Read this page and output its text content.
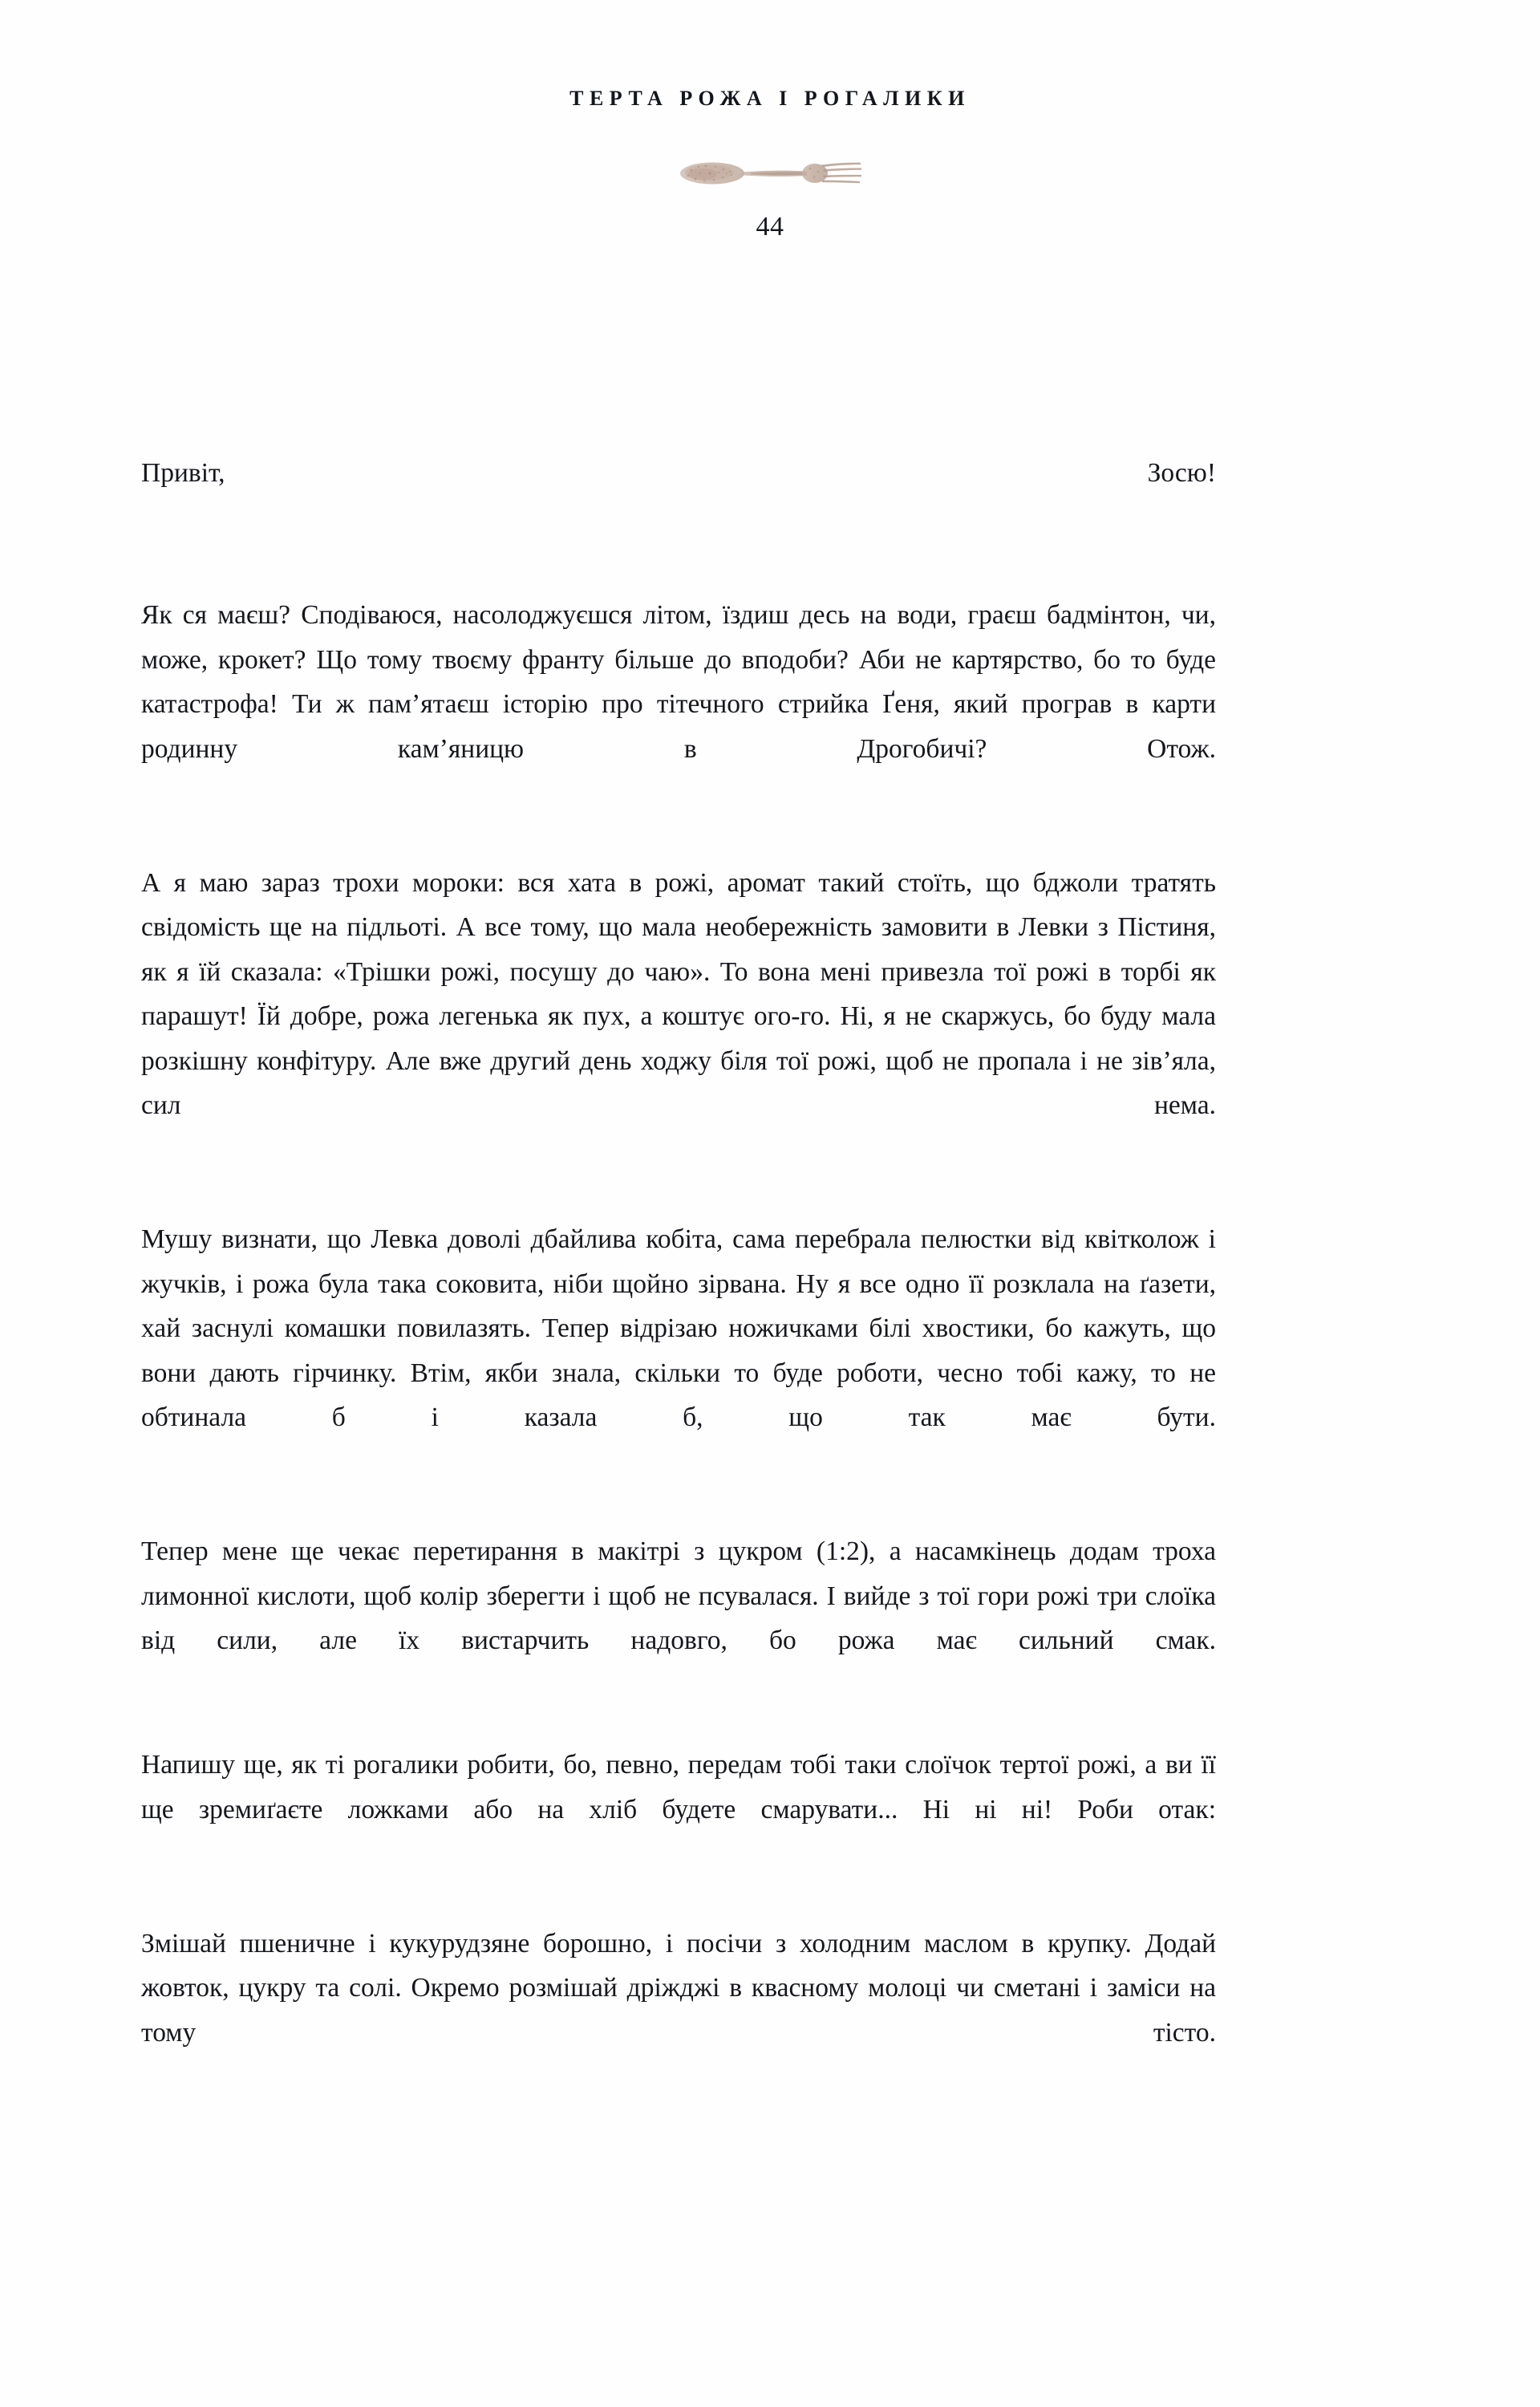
ТЕРТА РОЖА І РОГАЛИКИ
44

Привіт, Зосю!

Як ся маєш? Сподіваюся, насолоджуєшся літом, їздиш десь на води, граєш бадмінтон, чи, може, крокет? Що тому твоєму франту більше до вподоби? Аби не картярство, бо то буде катастрофа! Ти ж пам’ятаєш історію про тітечного стрийка Ґеня, який програв в карти родинну кам’яницю в Дрогобичі? Отож.

А я маю зараз трохи мороки: вся хата в рожі, аромат такий стоїть, що бджоли тратять свідомість ще на підльоті. А все тому, що мала необережність замовити в Левки з Пістиня, як я їй сказала: «Трішки рожі, посушу до чаю». То вона мені привезла тої рожі в торбі як парашут! Їй добре, рожа легенька як пух, а коштує ого-го. Ні, я не скаржусь, бо буду мала розкішну конфітуру. Але вже другий день ходжу біля тої рожі, щоб не пропала і не зів’яла, сил нема.

Мушу визнати, що Левка доволі дбайлива кобіта, сама перебрала пелюстки від квітколож і жучків, і рожа була така соковита, ніби щойно зірвана. Ну я все одно її розклала на ґазети, хай заснулі комашки повилазять. Тепер відрізаю ножичками білі хвостики, бо кажуть, що вони дають гірчинку. Втім, якби знала, скільки то буде роботи, чесно тобі кажу, то не обтинала б і казала б, що так має бути.

Тепер мене ще чекає перетирання в макітрі з цукром (1:2), а насамкінець додам троха лимонної кислоти, щоб колір зберегти і щоб не псувалася. І вийде з тої гори рожі три слоїка від сили, але їх вистарчить надовго, бо рожа має сильний смак.

Напишу ще, як ті рогалики робити, бо, певно, передам тобі таки слоїчок тертої рожі, а ви її ще зремиґаєте ложками або на хліб будете смарувати... Ні ні ні! Роби отак:

Змішай пшеничне і кукурудзяне борошно, і посічи з холодним маслом в крупку. Додай жовток, цукру та солі. Окремо розмішай дріжджі в квасному молоці чи сметані і заміси на тому тісто.
